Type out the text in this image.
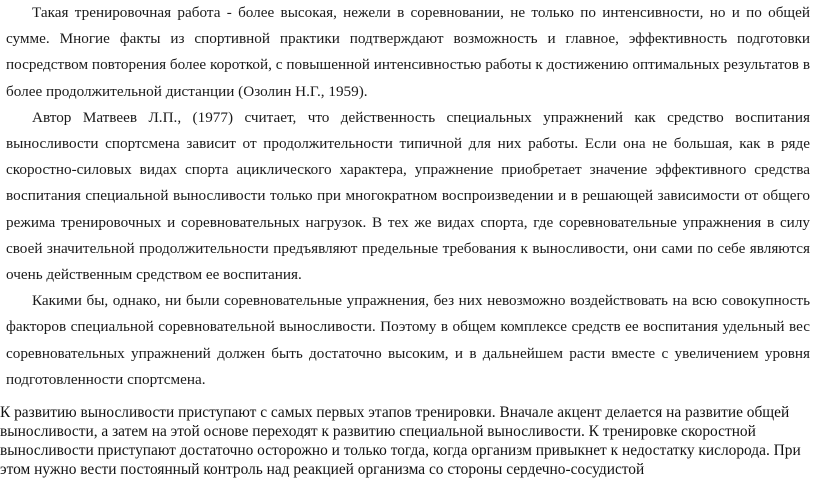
Такая тренировочная работа - более высокая, нежели в соревновании, не только по интенсивности, но и по общей сумме. Многие факты из спортивной практики подтверждают возможность и главное, эффективность подготовки посредством повторения более короткой, с повышенной интенсивностью работы к достижению оптимальных результатов в более продолжительной дистанции (Озолин Н.Г., 1959).

Автор Матвеев Л.П., (1977) считает, что действенность специальных упражнений как средство воспитания выносливости спортсмена зависит от продолжительности типичной для них работы. Если она не большая, как в ряде скоростно-силовых видах спорта ациклического характера, упражнение приобретает значение эффективного средства воспитания специальной выносливости только при многократном воспроизведении и в решающей зависимости от общего режима тренировочных и соревновательных нагрузок. В тех же видах спорта, где соревновательные упражнения в силу своей значительной продолжительности предъявляют предельные требования к выносливости, они сами по себе являются очень действенным средством ее воспитания.

Какими бы, однако, ни были соревновательные упражнения, без них невозможно воздействовать на всю совокупность факторов специальной соревновательной выносливости. Поэтому в общем комплексе средств ее воспитания удельный вес соревновательных упражнений должен быть достаточно высоким, и в дальнейшем расти вместе с увеличением уровня подготовленности спортсмена.

К развитию выносливости приступают с самых первых этапов тренировки. Вначале акцент делается на развитие общей выносливости, а затем на этой основе переходят к развитию специальной выносливости. К тренировке скоростной выносливости приступают достаточно осторожно и только тогда, когда организм привыкнет к недостатку кислорода. При этом нужно вести постоянный контроль над реакцией организма со стороны сердечно-сосудистой
